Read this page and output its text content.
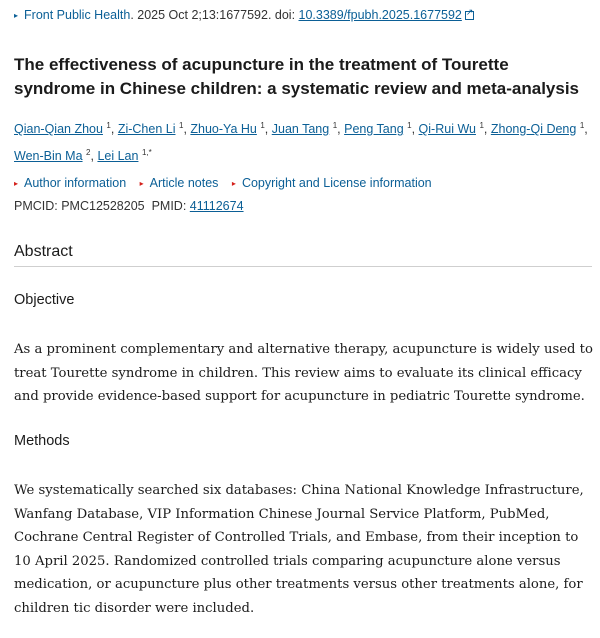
▸ Front Public Health. 2025 Oct 2;13:1677592. doi: 10.3389/fpubh.2025.1677592↗
The effectiveness of acupuncture in the treatment of Tourette syndrome in Chinese children: a systematic review and meta-analysis
Qian-Qian Zhou $^1$, Zi-Chen Li $^1$, Zhuo-Ya Hu $^1$, Juan Tang $^1$, Peng Tang $^1$, Qi-Rui Wu $^1$, Zhong-Qi Deng $^1$, Wen-Bin Ma $^2$, Lei Lan $^{1,*}$
▸ Author information ▸ Article notes ▸ Copyright and License information
PMCID: PMC12528205 PMID: 41112674
Abstract
Objective

As a prominent complementary and alternative therapy, acupuncture is widely used to treat Tourette syndrome in children. This review aims to evaluate its clinical efficacy and provide evidence-based support for acupuncture in pediatric Tourette syndrome.

Methods

We systematically searched six databases: China National Knowledge Infrastructure, Wanfang Database, VIP Information Chinese Journal Service Platform, PubMed, Cochrane Central Register of Controlled Trials, and Embase, from their inception to 10 April 2025. Randomized controlled trials comparing acupuncture alone versus medication, or acupuncture plus other treatments versus other treatments alone, for children tic disorder were included.
